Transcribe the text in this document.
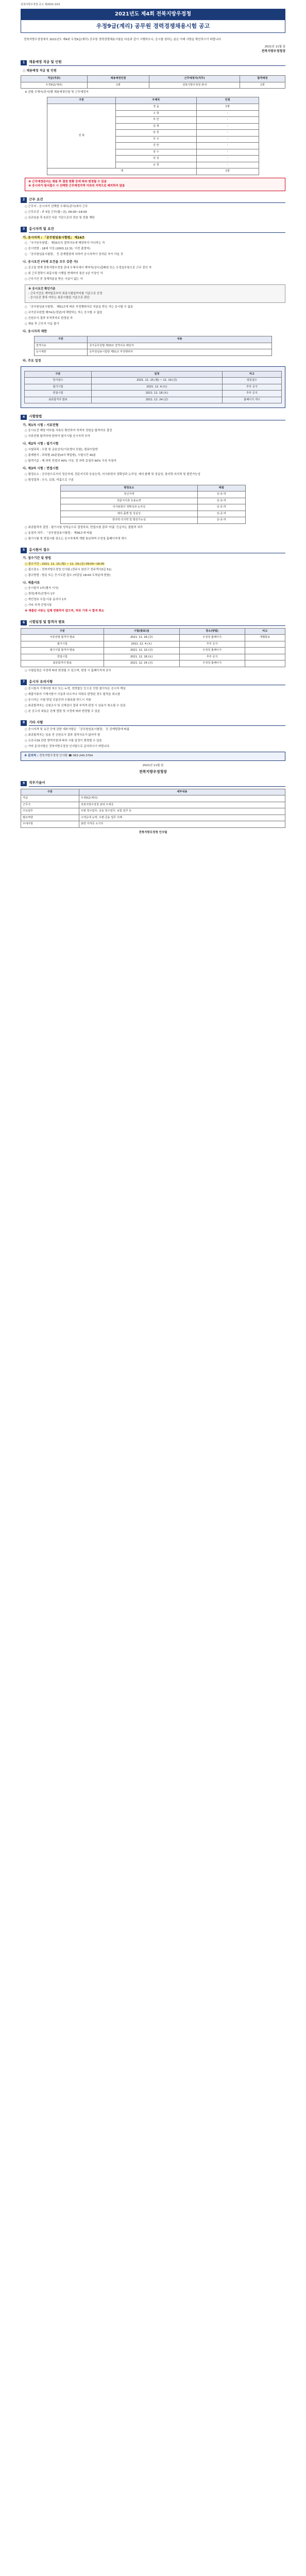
전북지방우정청 공고 제2021-10호
2021년도 제4회 전북지방우정청
우정9급(계리) 공무원 경력경쟁채용시험 공고
전북지방우정청에서 2021년도 제4회 우정9급(계리) 공무원 경력경쟁채용시험을 다음과 같이 시행하오니, 응시를 원하는 분은 아래 사항을 확인하시기 바랍니다.
2021년 11월 일
전북지방우정청장
1	채용예정 직급 및 인원
○ 채용예정 직급 및 인원
직급(직류)	채용예정인원	근무예정지(직무)	합격예정
우정9급(계리)	1명	전북지방우정청 관내	1명
※ 관할 우체국(관서)별 채용예정인원 및 근무예정지
구분	우체국	인원
전 북	정 읍	1명
	고 창	-
	부 안	-
	김 제	-
	남 원	-
	무 주	-
	진 안	-
	장 수	-
	임 실	-
	순 창	-
계		1명
※ 근무예정관서는 채용 후 결원 현황 등에 따라 변경될 수 있음
※ 응시자가 원서접수 시 선택한 근무예정지역 이외의 지역으로 배치하지 않음
2	근무 요건
○ 근무지 : 응시자가 선택한 우체국(관서)에서 근무
○ 근무조건 : 주 5일 근무(월~금), 09:00~18:00
○ 신규임용 후 5년간 다른 기관으로의 전보 및 전출 제한
3	응시자격 및 요건
가. 응시자격 : 「공무원임용시험령」 제16조
○ 「국가공무원법」 제33조의 결격사유에 해당하지 아니하는 자
○ 응시연령 : 18세 이상 (2003.12.31. 이전 출생자)
○ 「공무원임용시험령」 등 관계법령에 의하여 응시자격이 정지된 자가 아닐 것
나. 응시요건 (아래 요건을 모두 갖춘 자)
○ 공고일 현재 전북지방우정청 관내 우체국에서 계약직(상시)집배원 또는 우정실무원으로 근무 중인 자
○ 위 근무경력이 최종시험 시행일 현재까지 통산 1년 이상인 자
○ 근무기간 중 징계처분을 받은 사실이 없는 자
※ 응시요건 확인기준
- 근무기간은 계약일로부터 최종시험일까지를 기준으로 산정
- 응시요건 충족 여부는 최종시험일 기준으로 판단
○ 「공무원임용시험령」 제51조에 따른 부정행위자로 처분을 받은 자는 응시할 수 없음
○ 국가공무원법 제74조(정년)에 해당하는 자는 응시할 수 없음
○ 신원조사 결과 부적격자로 판정된 자
○ 채용 후 근무지 이동 불가
다. 응시자격 제한
구분	내용
결격사유	국가공무원법 제33조 결격사유 해당자
응시제한	공무원임용시험령 제51조 부정행위자
라. 주요 일정
구분	일정	비고
원서접수	2021. 11. 15.(월) ~ 11. 19.(금)	방문접수
필기시험	2021. 12. 4.(토)	추후 공지
면접시험	2021. 12. 18.(토)	추후 공지
최종합격자 발표	2021. 12. 24.(금)	홈페이지 게시
4	시험방법
가. 제1차 시험 : 서류전형
○ 응시요건 해당 여부를 서류로 확인하여 적격자 전원을 합격자로 결정
○ 서류전형 합격자에 한하여 필기시험 응시자격 부여
나. 제2차 시험 : 필기시험
○ 시험과목 : 우편 및 금융상식(기초영어 포함), 컴퓨터일반
○ 출제형식 : 과목별 20문항(4지 택일형), 시험시간 40분
○ 합격기준 : 매 과목 만점의 40% 이상, 전 과목 총점의 60% 이상 득점자
다. 제3차 시험 : 면접시험
○ 평정요소 : 공무원으로서의 정신자세, 전문지식과 응용능력, 의사표현의 정확성과 논리성, 예의·품행 및 성실성, 창의력·의지력 및 발전가능성
○ 평정결과 : 우수, 보통, 미흡으로 구분
평정요소	배점
정신자세	상·중·하
전문지식과 응용능력	상·중·하
의사표현의 정확성과 논리성	상·중·하
예의·품행 및 성실성	상·중·하
창의력·의지력 및 발전가능성	상·중·하
○ 최종합격자 결정 : 필기시험 성적순으로 결정하되, 면접시험 결과 '미흡' 등급자는 불합격 처리
○ 동점자 처리 : 「공무원임용시험령」 제36조에 따름
○ 필기시험 및 면접시험 장소는 응시자에게 개별 통보하며 우정청 홈페이지에 게시
5	응시원서 접수
가. 접수기간 및 방법
○ 접수기간 : 2021. 11. 15.(월) ~ 11. 19.(금) 09:00~18:00
○ 접수장소 : 전북지방우정청 인사팀 (전주시 완산구 전주객사3길 51)
○ 접수방법 : 방문 또는 등기우편 접수 (마감일 18:00 도착분에 한함)
나. 제출서류
○ 응시원서 1부(별지 서식)
○ 경력(재직)증명서 1부
○ 개인정보 수집·이용 동의서 1부
○ 기타 자격 증빙서류
※ 제출된 서류는 일체 반환하지 않으며, 허위 기재 시 합격 취소
6	시험일정 및 합격자 발표
구분	시험(발표)일	장소(방법)	비고
서류전형 합격자 발표	2021. 11. 26.(금)	우정청 홈페이지	개별통보
필기시험	2021. 12. 4.(토)	추후 공지	
필기시험 합격자 발표	2021. 12. 10.(금)	우정청 홈페이지	
면접시험	2021. 12. 18.(토)	추후 공지	
최종합격자 발표	2021. 12. 24.(금)	우정청 홈페이지	
○ 시험일정은 사정에 따라 변경될 수 있으며, 변경 시 홈페이지에 공지
7	응시자 유의사항
○ 응시원서 기재사항 착오 또는 누락, 연락불능 등으로 인한 불이익은 응시자 책임
○ 제출서류의 기재사항이 사실과 다르거나 허위로 판명된 경우 합격을 취소함
○ 응시자는 시험 당일 신분증과 수험표를 반드시 지참
○ 최종합격자는 신원조사 및 신체검사 결과 부적격 판정 시 임용이 취소될 수 있음
○ 본 공고의 내용은 관계 법령 및 사정에 따라 변경될 수 있음
8	기타 사항
○ 응시자격 및 요건 등에 관한 세부사항은 「공무원임용시험령」 등 관계법령에 따름
○ 최종합격자는 임용 전 신원조사 결과 결격사유가 없어야 함
○ 코로나19 관련 방역지침에 따라 시험 일정이 변경될 수 있음
○ 기타 문의사항은 전북지방우정청 인사팀으로 문의하시기 바랍니다.
※ 문의처 : 전북지방우정청 인사팀 ☎ 063-240-3764
2021년 11월 일
전북지방우정청장
9	직무기술서
구분	세부내용
직급	우정9급(계리)
근무지	전북지방우정청 관내 우체국
주요업무	우편 창구업무, 금융 창구업무, 보험 업무 등
필요역량	고객응대 능력, 우편·금융 업무 이해
우대사항	관련 자격증 소지자
전북지방우정청 인사팀
